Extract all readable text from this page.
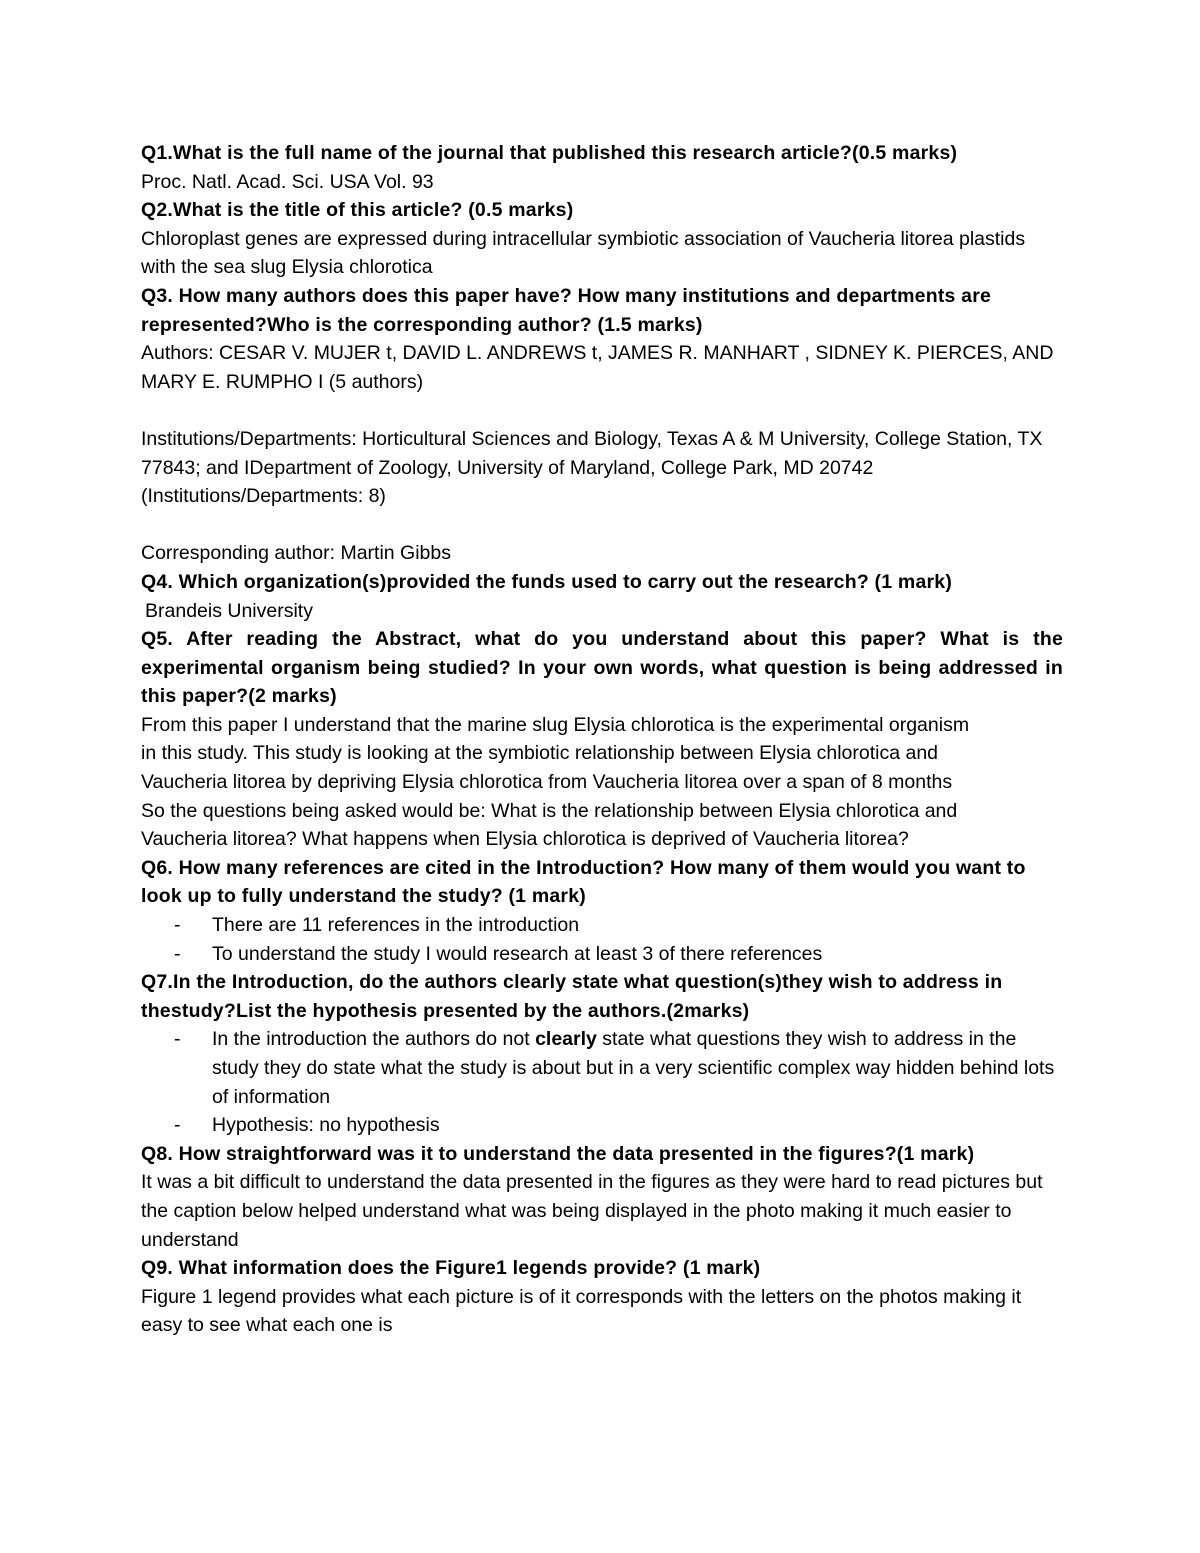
Q1.What is the full name of the journal that published this research article?(0.5 marks)
Proc. Natl. Acad. Sci. USA Vol. 93
Q2.What is the title of this article? (0.5 marks)
Chloroplast genes are expressed during intracellular symbiotic association of Vaucheria litorea plastids with the sea slug Elysia chlorotica
Q3. How many authors does this paper have? How many institutions and departments are represented?Who is the corresponding author? (1.5 marks)
Authors: CESAR V. MUJER t, DAVID L. ANDREWS t, JAMES R. MANHART , SIDNEY K. PIERCES, AND MARY E. RUMPHO I (5 authors)
Institutions/Departments: Horticultural Sciences and Biology, Texas A & M University, College Station, TX 77843; and IDepartment of Zoology, University of Maryland, College Park, MD 20742 (Institutions/Departments: 8)
Corresponding author: Martin Gibbs
Q4. Which organization(s)provided the funds used to carry out the research? (1 mark)
Brandeis University
Q5. After reading the Abstract, what do you understand about this paper? What is the experimental organism being studied? In your own words, what question is being addressed in this paper?(2 marks)
From this paper I understand that the marine slug Elysia chlorotica is the experimental organism
in this study. This study is looking at the symbiotic relationship between Elysia chlorotica and
Vaucheria litorea by depriving Elysia chlorotica from Vaucheria litorea over a span of 8 months
So the questions being asked would be: What is the relationship between Elysia chlorotica and
Vaucheria litorea? What happens when Elysia chlorotica is deprived of Vaucheria litorea?
Q6. How many references are cited in the Introduction? How many of them would you want to look up to fully understand the study? (1 mark)
- There are 11 references in the introduction
- To understand the study I would research at least 3 of there references
Q7.In the Introduction, do the authors clearly state what question(s)they wish to address in thestudy?List the hypothesis presented by the authors.(2marks)
- In the introduction the authors do not clearly state what questions they wish to address in the study they do state what the study is about but in a very scientific complex way hidden behind lots of information
- Hypothesis: no hypothesis
Q8. How straightforward was it to understand the data presented in the figures?(1 mark)
It was a bit difficult to understand the data presented in the figures as they were hard to read pictures but the caption below helped understand what was being displayed in the photo making it much easier to understand
Q9. What information does the Figure1 legends provide? (1 mark)
Figure 1 legend provides what each picture is of it corresponds with the letters on the photos making it easy to see what each one is
